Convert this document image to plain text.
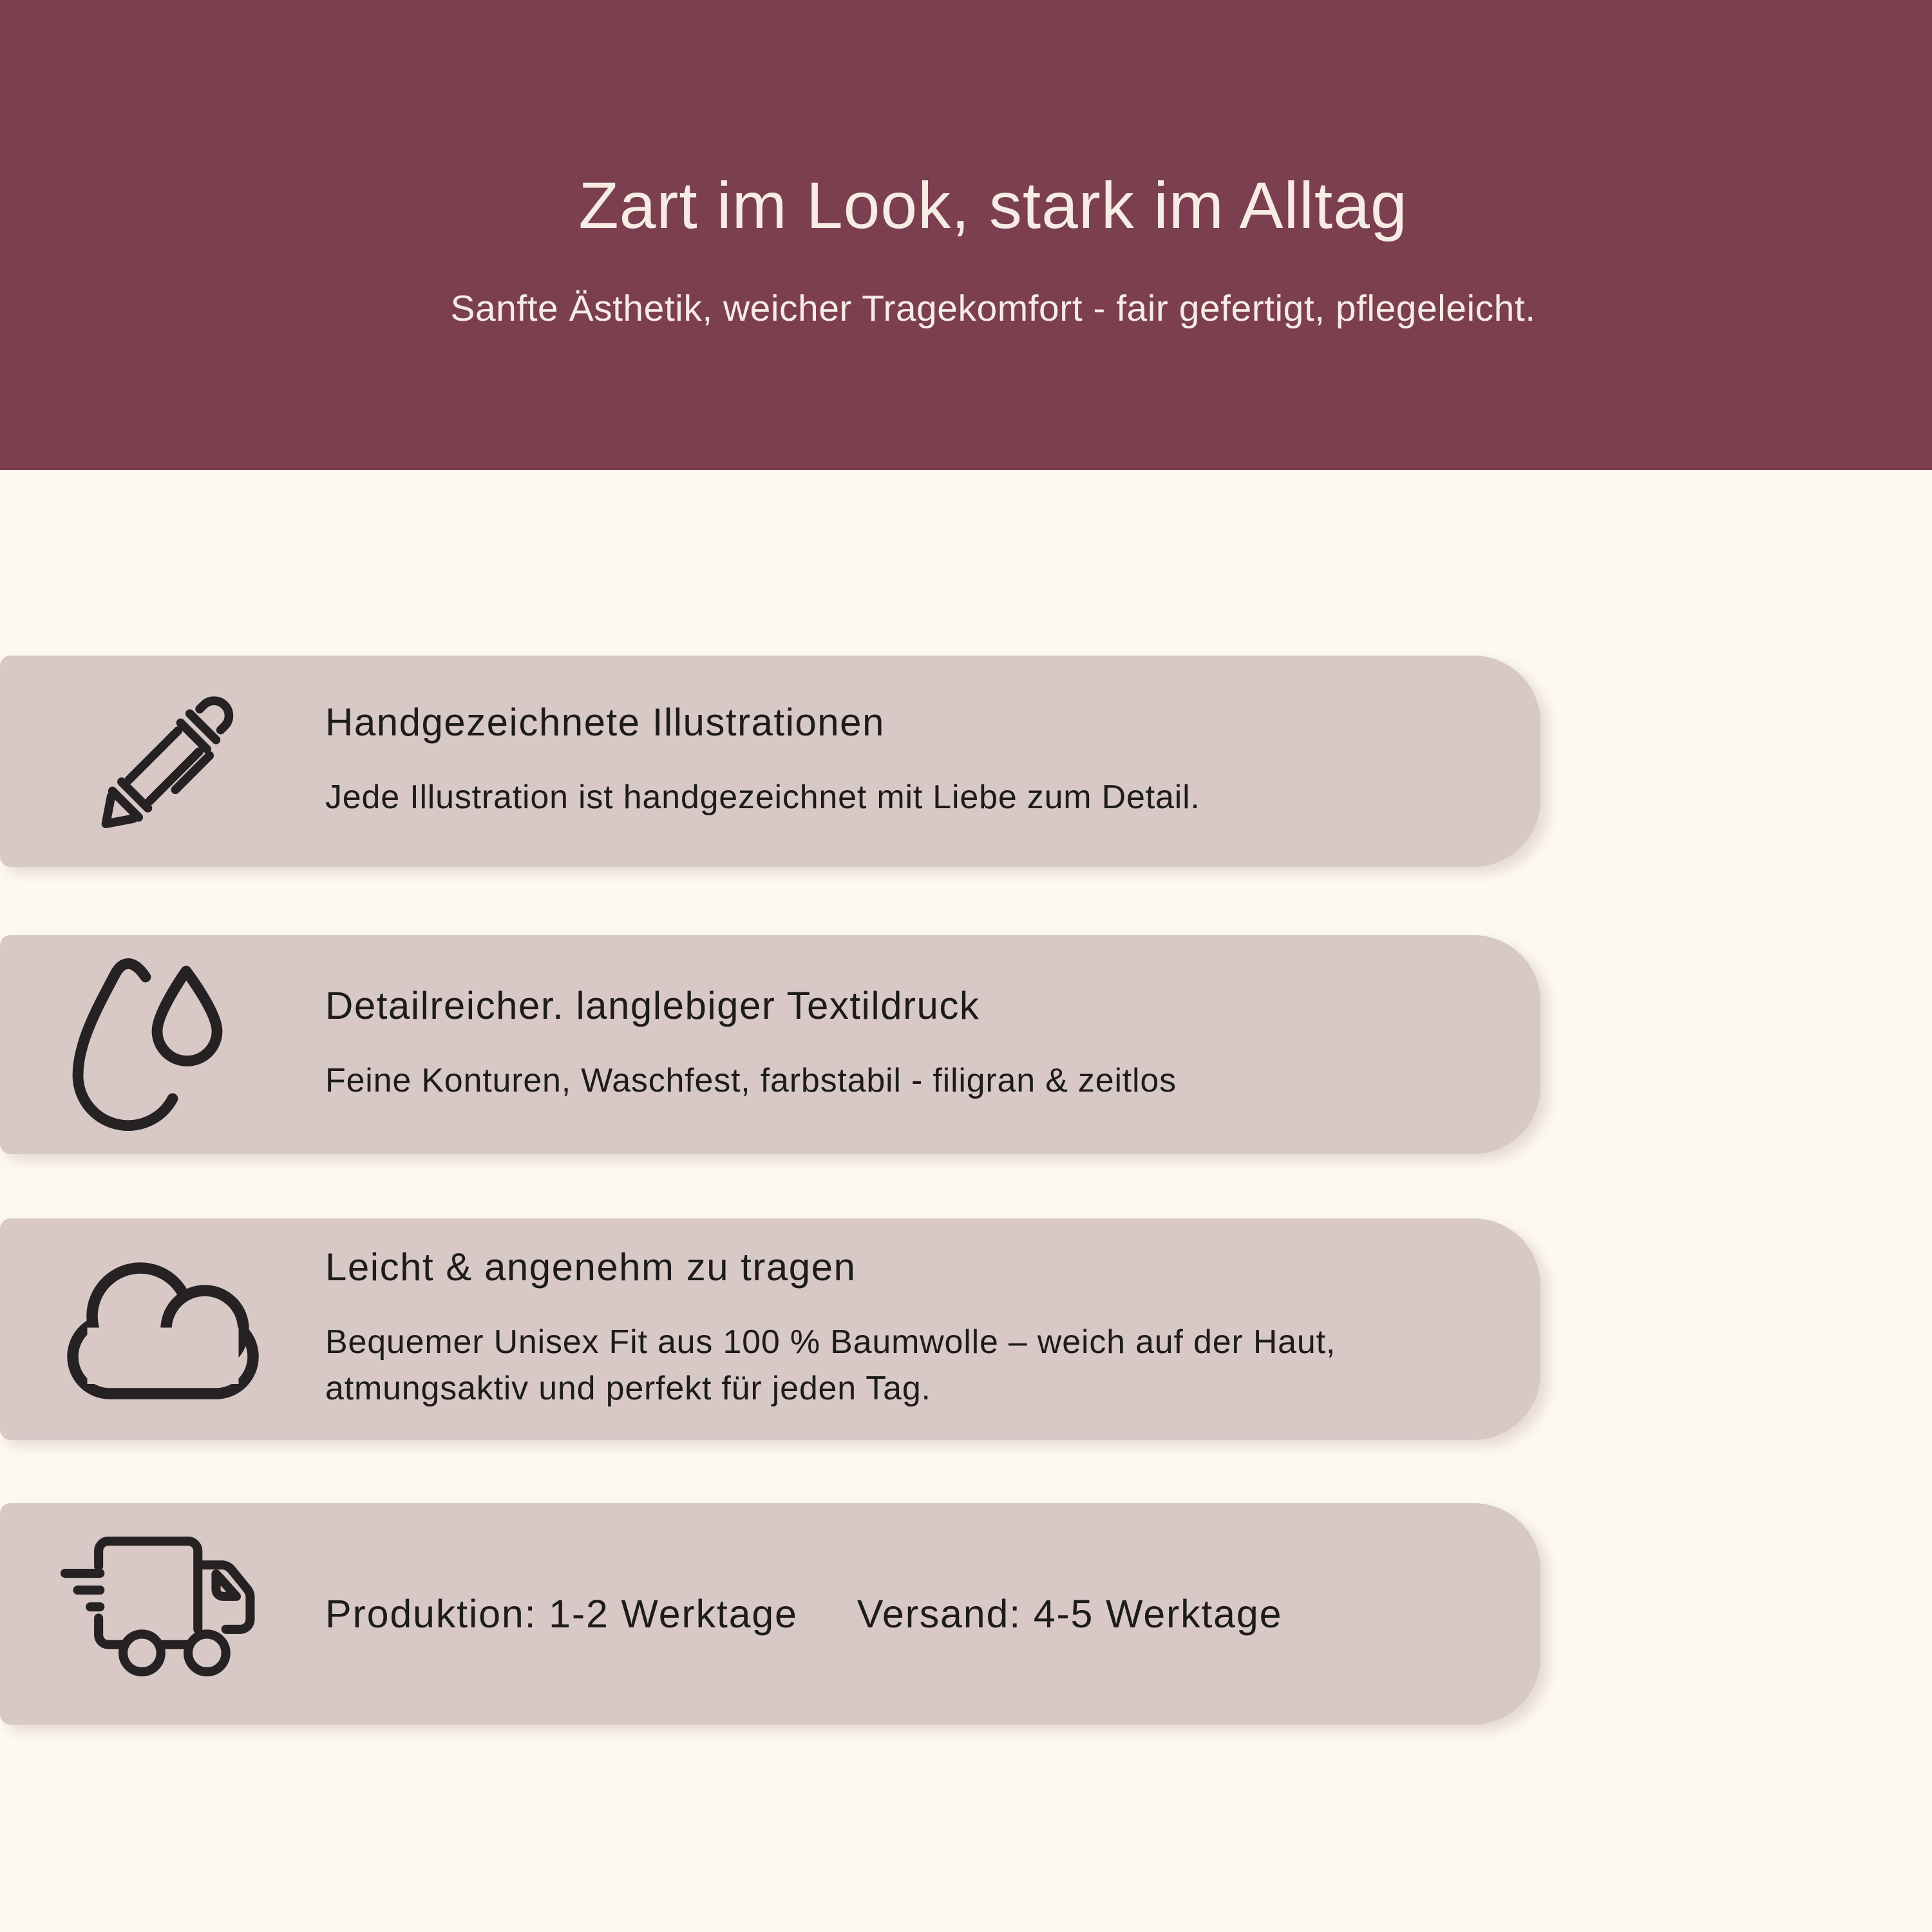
Zart im Look, stark im Alltag
Sanfte Ästhetik, weicher Tragekomfort - fair gefertigt, pflegeleicht.
Handgezeichnete Illustrationen
Jede Illustration ist handgezeichnet mit Liebe zum Detail.
Detailreicher. langlebiger Textildruck
Feine Konturen, Waschfest, farbstabil - filigran & zeitlos
Leicht & angenehm zu tragen
Bequemer Unisex Fit aus 100 % Baumwolle – weich auf der Haut,
atmungsaktiv und perfekt für jeden Tag.
Produktion: 1-2 Werktage Versand: 4-5 Werktage
